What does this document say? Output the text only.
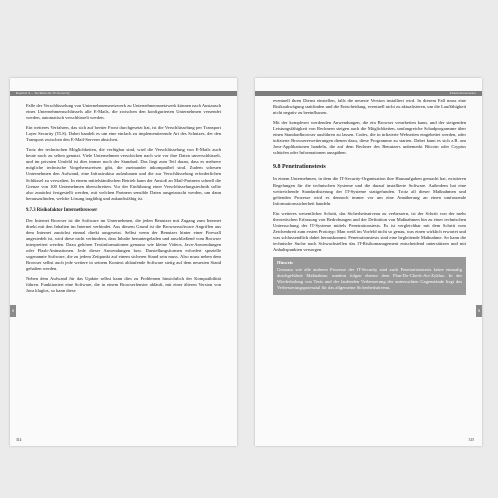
Kapitel 9 – Technische IT-Security
9

Falle der Verschlüsselung von Unternehmensnetzwerk zu Unternehmensnetzwerk können nach Austausch eines Unternehmensschlüssels alle E-Mails, die zwischen den konfigurierten Unternehmen versendet werden, automatisch verschlüsselt werden.

Ein weiteres Verfahren, das sich auf breiter Front durchgesetzt hat, ist die Verschlüsselung per Transport Layer Security (TLS). Dabei handelt es um eine einfach zu implementierende Art des Schutzes, der den Transport zwischen den E-Mail-Servern absichert.

Trotz der technischen Möglichkeiten, die verfügbar sind, wird die Verschlüsselung von E-Mails auch heute noch zu selten genutzt. Viele Unternehmen verschicken nach wie vor ihre Daten unverschlüsselt, und im privaten Umfeld ist dies immer noch der Standard. Das liegt zum Teil daran, dass es mehrere mögliche technische Vorgehensweisen gibt, die zueinander inkompatibel sind. Zudem scheuen Unternehmen den Aufwand, eine Infrastruktur aufzubauen und die zur Verschlüsselung erforderlichen Schlüssel zu verwalten. In einem mittelständischen Betrieb kann der Anstoß an Mail-Partnern schnell die Grenze von 100 Unternehmen überschreiten. Vor der Einführung einer Verschlüsselungstechnik sollte also zunächst festgestellt werden, mit welchen Partnern sensible Daten ausgetauscht werden, um dann herauszufinden, welche Lösung tragfähig und zukunftsfähig ist.

9.7.3 Risikofaktor Internetbrowser

Der Internet Browser ist die Software im Unternehmen, die jeden Benutzer mit Zugang zum Internet direkt mit den Inhalten im Internet verbindet. Aus diesem Grund ist die Browsersoftware Angriffen aus dem Internet zunächst einmal direkt ausgesetzt. Selbst wenn der Benutzer hinter einer Firewall angesiedelt ist, wird diese nicht verhindern, dass Inhalte heruntergeladen und anschließend vom Browser interpretiert werden. Dazu gehören Textinformationen genauso wie kleine Videos, Java-Anwendungen oder Flash-Animationen. Jede dieser Anwendungen bzw. Darstellungsformen erfordert spezielle sogenannte Software, die zu jedem Zeitpunkt auf einem sicheren Stand sein muss. Also muss neben dem Browser selbst auch jede weitere in seinem Kontext ablaufende Software stetig auf dem neuesten Stand gehalten werden.

Neben dem Aufwand für das Update selbst kann dies zu Problemen hinsichtlich der Kompatibilität führen. Funktioniert eine Software, die in einem Browserfenster abläuft, mit einer älteren Version von Java klaglos, so kann diese

314
Penetrationstests
9

eventuell ihren Dienst einstellen, falls die neueste Version installiert wird. In diesem Fall muss eine Risikoabwägung stattfinden und die Entscheidung, eventuell nicht zu aktualisieren, um die Lauffähigkeit nicht negativ zu beeinflussen.

Mit der komplexer werdenden Anwendungen, die ein Browser verarbeiten kann, und der steigenden Leistungsfähigkeit von Rechnern steigen auch die Möglichkeiten, umfangreiche Schadprogramme über einen Standardbrowser ausführen zu lassen. Codes, die in infizierte Webseiten eingebettet werden, oder infizierte Browsererweiterungen dienen dazu, diese Programme zu starten. Dabei kann es sich z.B. um Java-Applikationen handeln, die auf dem Rechner des Benutzers unbemerkt Bitcoin oder Cryptos schürfen oder Informationen ausspähen.

9.8 Penetrationstests

In einem Unternehmen, in dem die IT-Security-Organisation ihre Hausaufgaben gemacht hat, existieren Regelungen für die technischen Systeme und die darauf installierte Software. Außerdem hat eine weitreichende Standardisierung der IT-Systeme stattgefunden. Trotz all dieser Maßnahmen und geltenden Prozesse wird es dennoch immer vor um eine Annäherung an einen umfassende Informationssicherheit handeln.

Ein weiteres wesentlicher Schritt, das Sicherheitsniveau zu verbessern, ist der Schritt von der mehr theoretischen Erfassung von Bedrohungen und der Definition von Maßnahmen hin zu einer technischen Untersuchung der IT-Systeme mittels Penetrationstests. Es ist vergleichbar mit dem Schritt vom Zeichenbrett zum ersten Prototyp: Man weiß im Vorfeld nicht so genau, was einen wirklich erwartet und was schlussendlich dabei herauskommt. Penetrationstests sind eine begleitende Maßnahme. So kann die technische Suche nach Schwachstellen das IT-Risikomanagement entscheidend unterstützen und mit Anhaltspunkten versorgen.

Hinweis
Genauso wie alle anderen Prozesse der IT-Security sind auch Penetrationstests keine einmalig durchgeführte Maßnahme, sondern folgen ebenso dem Plan-Do-Check-Act-Zyklus. In der Wiederholung von Tests und der laufenden Verbesserung der untersuchten Gegenstände liegt das Verbesserungspotenzial für das allgemeine Sicherheitsniveau.
315
